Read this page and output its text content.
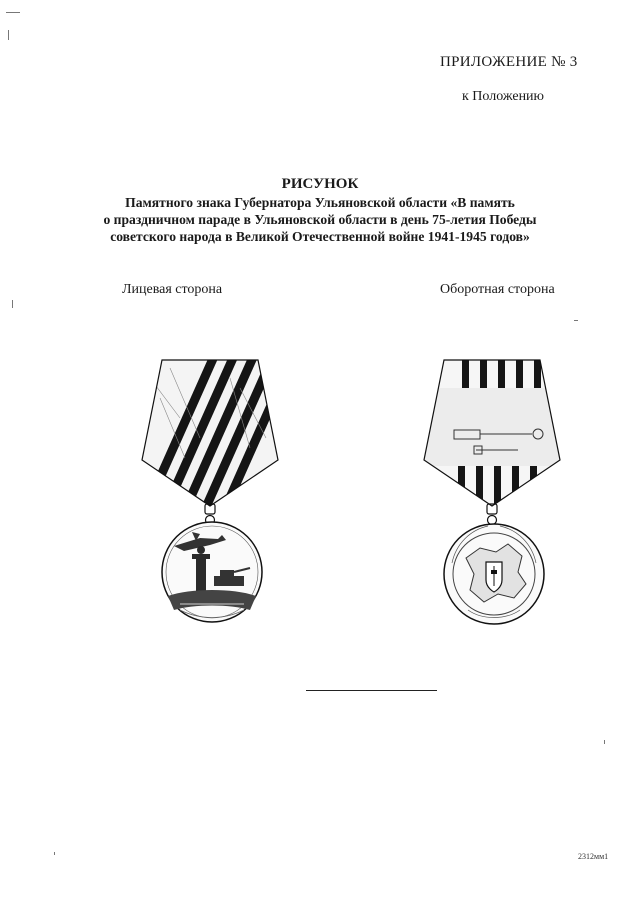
ПРИЛОЖЕНИЕ № 3
к Положению
РИСУНОК
Памятного знака Губернатора Ульяновской области «В память
о праздничном параде в Ульяновской области в день 75-летия Победы
советского народа в Великой Отечественной войне 1941-1945 годов»
Лицевая сторона	Оборотная сторона
2312мм1
